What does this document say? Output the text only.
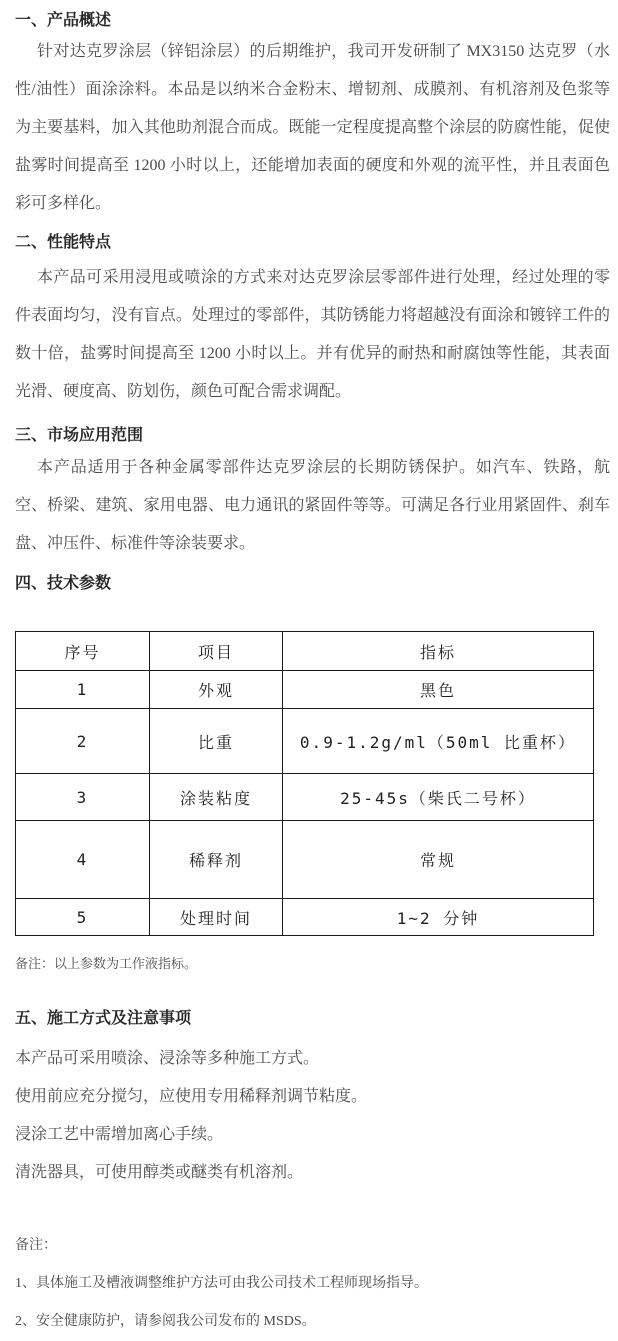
一、产品概述

针对达克罗涂层（锌铝涂层）的后期维护，我司开发研制了 MX3150 达克罗（水性/油性）面涂涂料。本品是以纳米合金粉末、增韧剂、成膜剂、有机溶剂及色浆等为主要基料，加入其他助剂混合而成。既能一定程度提高整个涂层的防腐性能，促使盐雾时间提高至 1200 小时以上，还能增加表面的硬度和外观的流平性，并且表面色彩可多样化。

二、性能特点

本产品可采用浸甩或喷涂的方式来对达克罗涂层零部件进行处理，经过处理的零件表面均匀，没有盲点。处理过的零部件，其防锈能力将超越没有面涂和镀锌工件的数十倍，盐雾时间提高至 1200 小时以上。并有优异的耐热和耐腐蚀等性能，其表面光滑、硬度高、防划伤，颜色可配合需求调配。

三、市场应用范围

本产品适用于各种金属零部件达克罗涂层的长期防锈保护。如汽车、铁路，航空、桥梁、建筑、家用电器、电力通讯的紧固件等等。可满足各行业用紧固件、刹车盘、冲压件、标准件等涂装要求。

四、技术参数
序号	项目	指标
1	外观	黑色
2	比重	0.9-1.2g/ml（50ml 比重杯）
3	涂装粘度	25-45s（柴氏二号杯）
4	稀释剂	常规
5	处理时间	1~2 分钟
备注：以上参数为工作液指标。
五、施工方式及注意事项

本产品可采用喷涂、浸涂等多种施工方式。

使用前应充分搅匀，应使用专用稀释剂调节粘度。

浸涂工艺中需增加离心手续。

清洗器具，可使用醇类或醚类有机溶剂。

备注：

1、具体施工及槽液调整维护方法可由我公司技术工程师现场指导。

2、安全健康防护，请参阅我公司发布的 MSDS。
